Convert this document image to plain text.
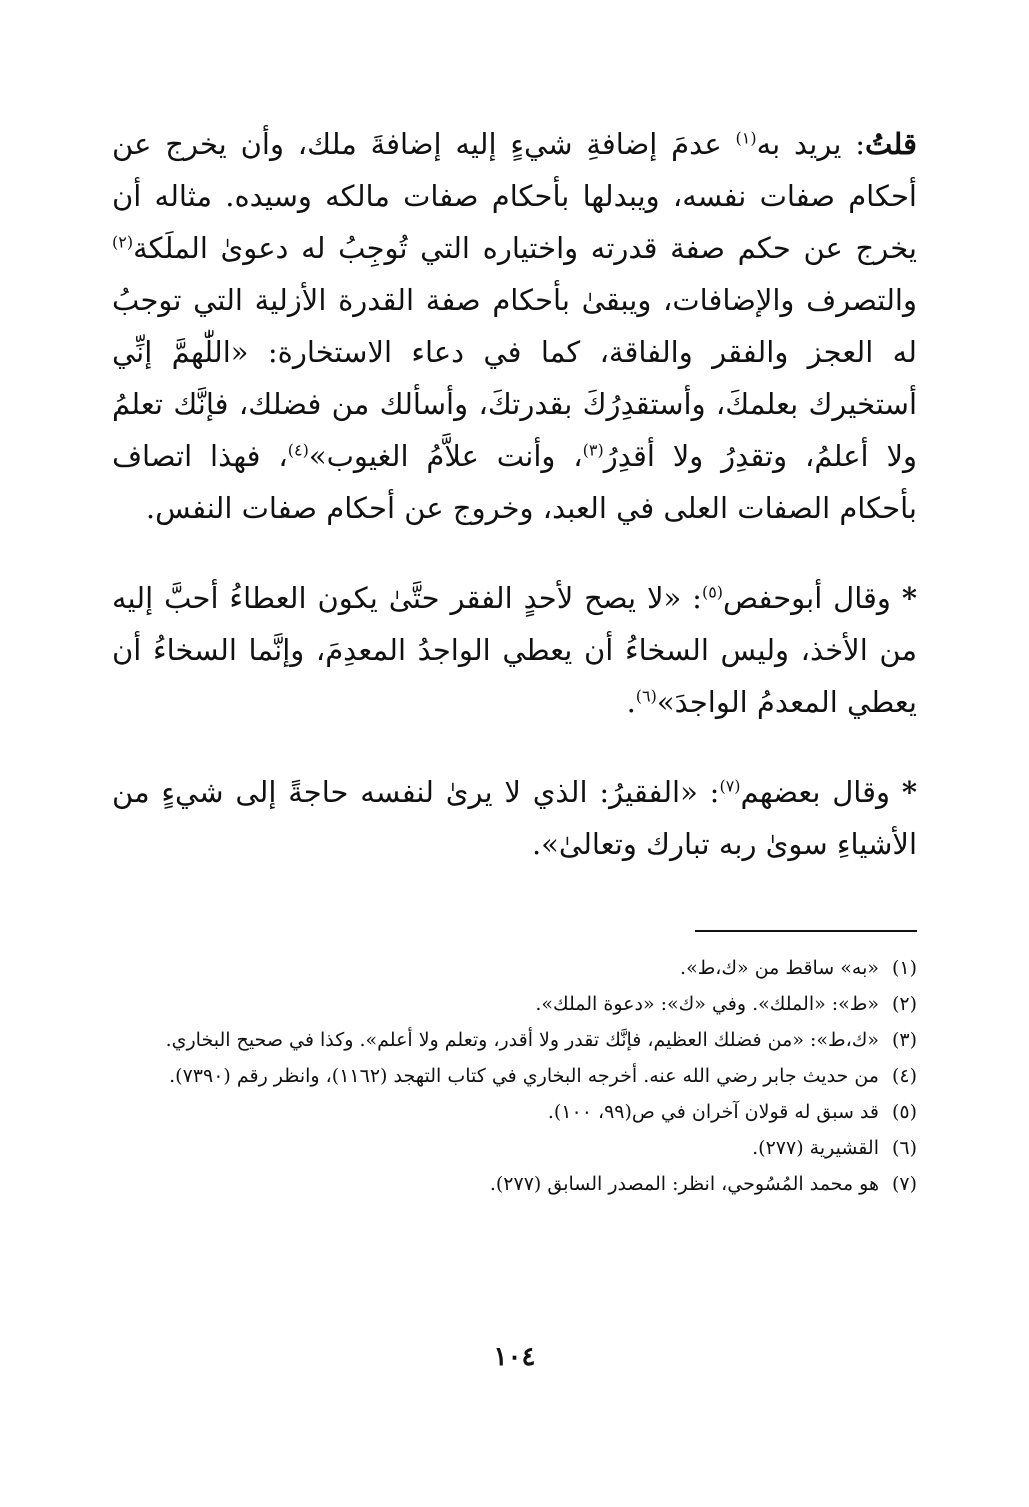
قلتُ: يريد به$^{(١)}$ عدمَ إضافةِ شيءٍ إليه إضافةَ ملك، وأن يخرج عن أحكام صفات نفسه، ويبدلها بأحكام صفات مالكه وسيده. مثاله أن يخرج عن حكم صفة قدرته واختياره التي تُوجِبُ له دعوىٰ الملَكة$^{(٢)}$ والتصرف والإضافات، ويبقىٰ بأحكام صفة القدرة الأزلية التي توجبُ له العجز والفقر والفاقة، كما في دعاء الاستخارة: «اللّٰهمَّ إنِّي أستخيرك بعلمكَ، وأستقدِرُكَ بقدرتكَ، وأسألك من فضلك، فإنَّك تعلمُ ولا أعلمُ، وتقدِرُ ولا أقدِرُ$^{(٣)}$، وأنت علاَّمُ الغيوب»$^{(٤)}$، فهذا اتصاف بأحكام الصفات العلى في العبد، وخروج عن أحكام صفات النفس.

* وقال أبوحفص$^{(٥)}$: «لا يصح لأحدٍ الفقر حتَّىٰ يكون العطاءُ أحبَّ إليه من الأخذ، وليس السخاءُ أن يعطي الواجدُ المعدِمَ، وإنَّما السخاءُ أن يعطي المعدمُ الواجدَ»$^{(٦)}$.

* وقال بعضهم$^{(٧)}$: «الفقيرُ: الذي لا يرىٰ لنفسه حاجةً إلى شيءٍ من الأشياءِ سوىٰ ربه تبارك وتعالىٰ».

(١)
«به» ساقط من «ك،ط».
(٢)
«ط»: «الملك». وفي «ك»: «دعوة الملك».
(٣)
«ك،ط»: «من فضلك العظيم، فإنَّك تقدر ولا أقدر، وتعلم ولا أعلم». وكذا في صحيح البخاري.
(٤)
من حديث جابر رضي الله عنه. أخرجه البخاري في كتاب التهجد (١١٦٢)، وانظر رقم (٧٣٩٠).
(٥)
قد سبق له قولان آخران في ص(٩٩، ١٠٠).
(٦)
القشيرية (٢٧٧).
(٧)
هو محمد المُسُوحي، انظر: المصدر السابق (٢٧٧).
١٠٤
